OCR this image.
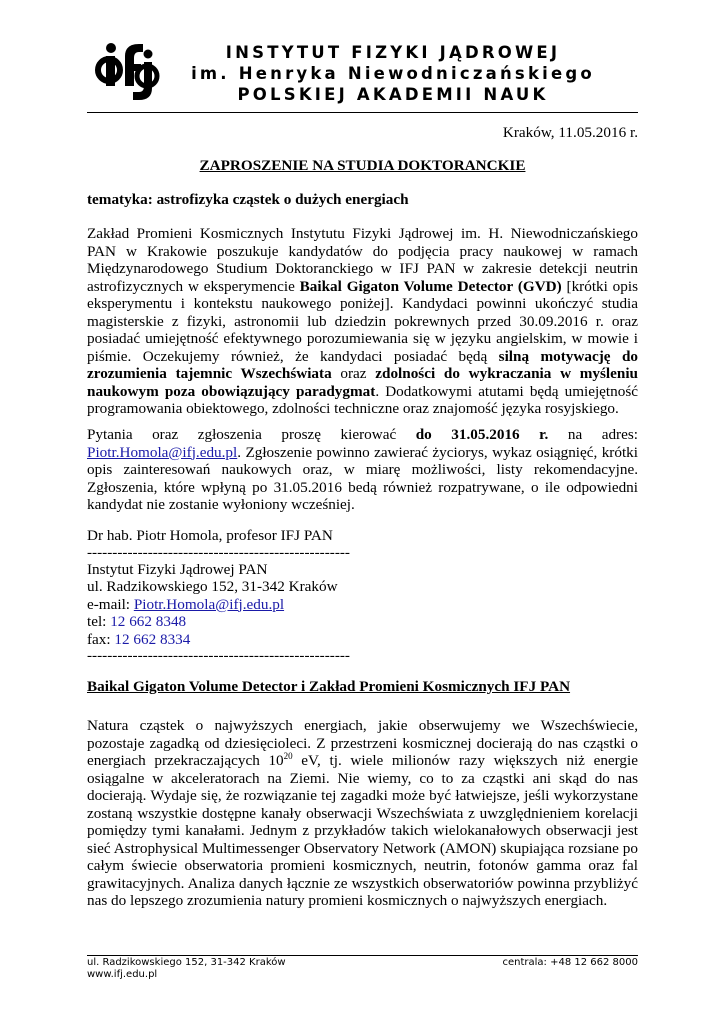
INSTYTUT FIZYKI JĄDROWEJ
im. Henryka Niewodniczańskiego
POLSKIEJ AKADEMII NAUK
Kraków, 11.05.2016 r.
ZAPROSZENIE NA STUDIA DOKTORANCKIE
tematyka: astrofizyka cząstek o dużych energiach
Zakład Promieni Kosmicznych Instytutu Fizyki Jądrowej im. H. Niewodniczańskiego PAN w Krakowie poszukuje kandydatów do podjęcia pracy naukowej w ramach Międzynarodowego Studium Doktoranckiego w IFJ PAN w zakresie detekcji neutrin astrofizycznych w eksperymencie Baikal Gigaton Volume Detector (GVD) [krótki opis eksperymentu i kontekstu naukowego poniżej]. Kandydaci powinni ukończyć studia magisterskie z fizyki, astronomii lub dziedzin pokrewnych przed 30.09.2016 r. oraz posiadać umiejętność efektywnego porozumiewania się w języku angielskim, w mowie i piśmie. Oczekujemy również, że kandydaci posiadać będą silną motywację do zrozumienia tajemnic Wszechświata oraz zdolności do wykraczania w myśleniu naukowym poza obowiązujący paradygmat. Dodatkowymi atutami będą umiejętność programowania obiektowego, zdolności techniczne oraz znajomość języka rosyjskiego.
Pytania oraz zgłoszenia proszę kierować do 31.05.2016 r. na adres: Piotr.Homola@ifj.edu.pl. Zgłoszenie powinno zawierać życiorys, wykaz osiągnięć, krótki opis zainteresowań naukowych oraz, w miarę możliwości, listy rekomendacyjne. Zgłoszenia, które wpłyną po 31.05.2016 bedą również rozpatrywane, o ile odpowiedni kandydat nie zostanie wyłoniony wcześniej.
Dr hab. Piotr Homola, profesor IFJ PAN
----------------------------------------------------
Instytut Fizyki Jądrowej PAN
ul. Radzikowskiego 152, 31-342 Kraków
e-mail: Piotr.Homola@ifj.edu.pl
tel: 12 662 8348
fax: 12 662 8334
----------------------------------------------------
Baikal Gigaton Volume Detector i Zakład Promieni Kosmicznych IFJ PAN
Natura cząstek o najwyższych energiach, jakie obserwujemy we Wszechświecie, pozostaje zagadką od dziesięcioleci. Z przestrzeni kosmicznej docierają do nas cząstki o energiach przekraczających $10^{20}$ eV, tj. wiele milionów razy większych niż energie osiągalne w akceleratorach na Ziemi. Nie wiemy, co to za cząstki ani skąd do nas docierają. Wydaje się, że rozwiązanie tej zagadki może być łatwiejsze, jeśli wykorzystane zostaną wszystkie dostępne kanały obserwacji Wszechświata z uwzględnieniem korelacji pomiędzy tymi kanałami. Jednym z przykładów takich wielokanałowych obserwacji jest sieć Astrophysical Multimessenger Observatory Network (AMON) skupiająca rozsiane po całym świecie obserwatoria promieni kosmicznych, neutrin, fotonów gamma oraz fal grawitacyjnych. Analiza danych łącznie ze wszystkich obserwatoriów powinna przybliżyć nas do lepszego zrozumienia natury promieni kosmicznych o najwyższych energiach.
ul. Radzikowskiego 152, 31-342 Kraków
www.ifj.edu.pl
centrala: +48 12 662 8000
